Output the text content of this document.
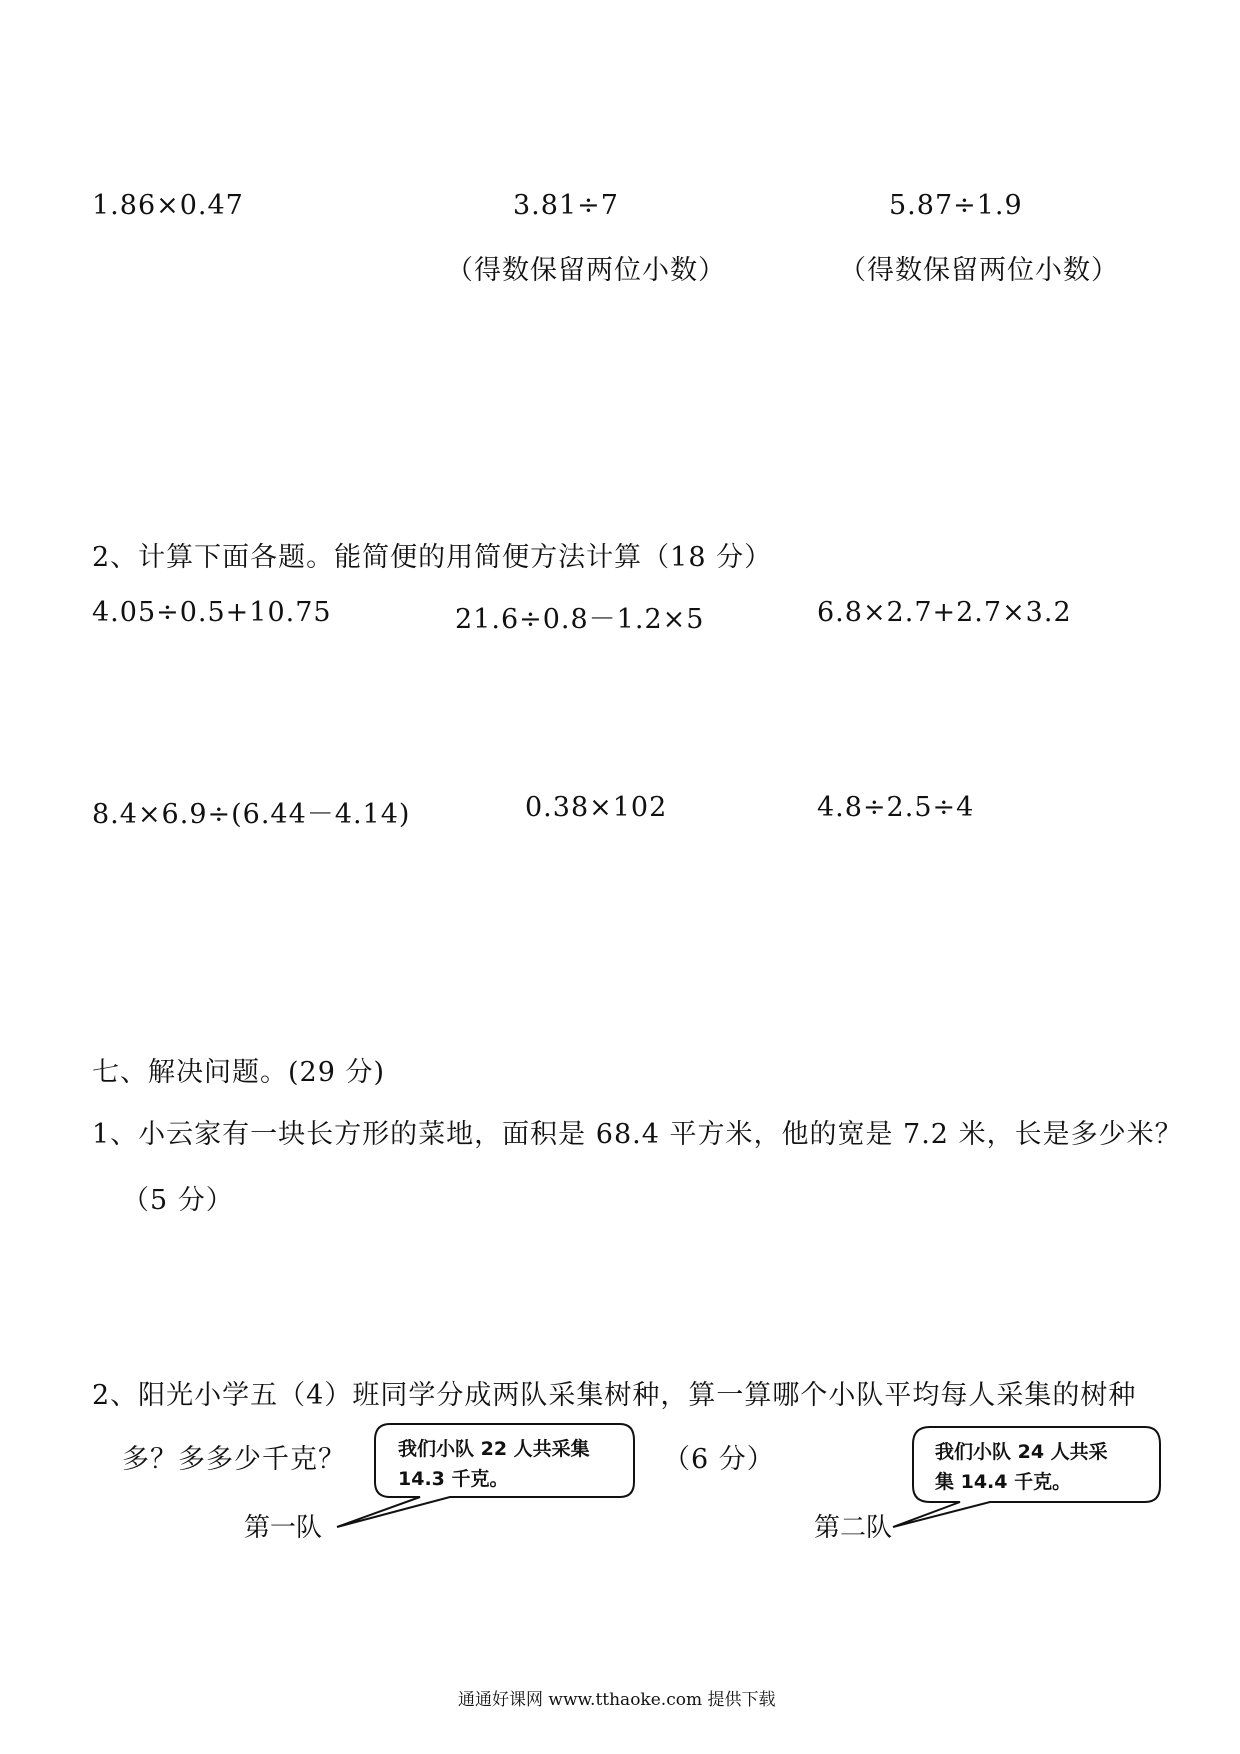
1.86×0.47	3.81÷7	5.87÷1.9
（得数保留两位小数）	（得数保留两位小数）
2、计算下面各题。能简便的用简便方法计算（18 分）
4.05÷0.5+10.75	21.6÷0.8－1.2×5	6.8×2.7+2.7×3.2
8.4×6.9÷(6.44－4.14)	0.38×102	4.8÷2.5÷4
七、解决问题。(29 分)
1、小云家有一块长方形的菜地，面积是 68.4 平方米，他的宽是 7.2 米，长是多少米？
（5 分）
2、阳光小学五（4）班同学分成两队采集树种，算一算哪个小队平均每人采集的树种
多？多多少千克？	（6 分）
我们小队 22 人共采集
14.3 千克。
我们小队 24 人共采
集 14.4 千克。
第一队	第二队
通通好课网 www.tthaoke.com 提供下载
